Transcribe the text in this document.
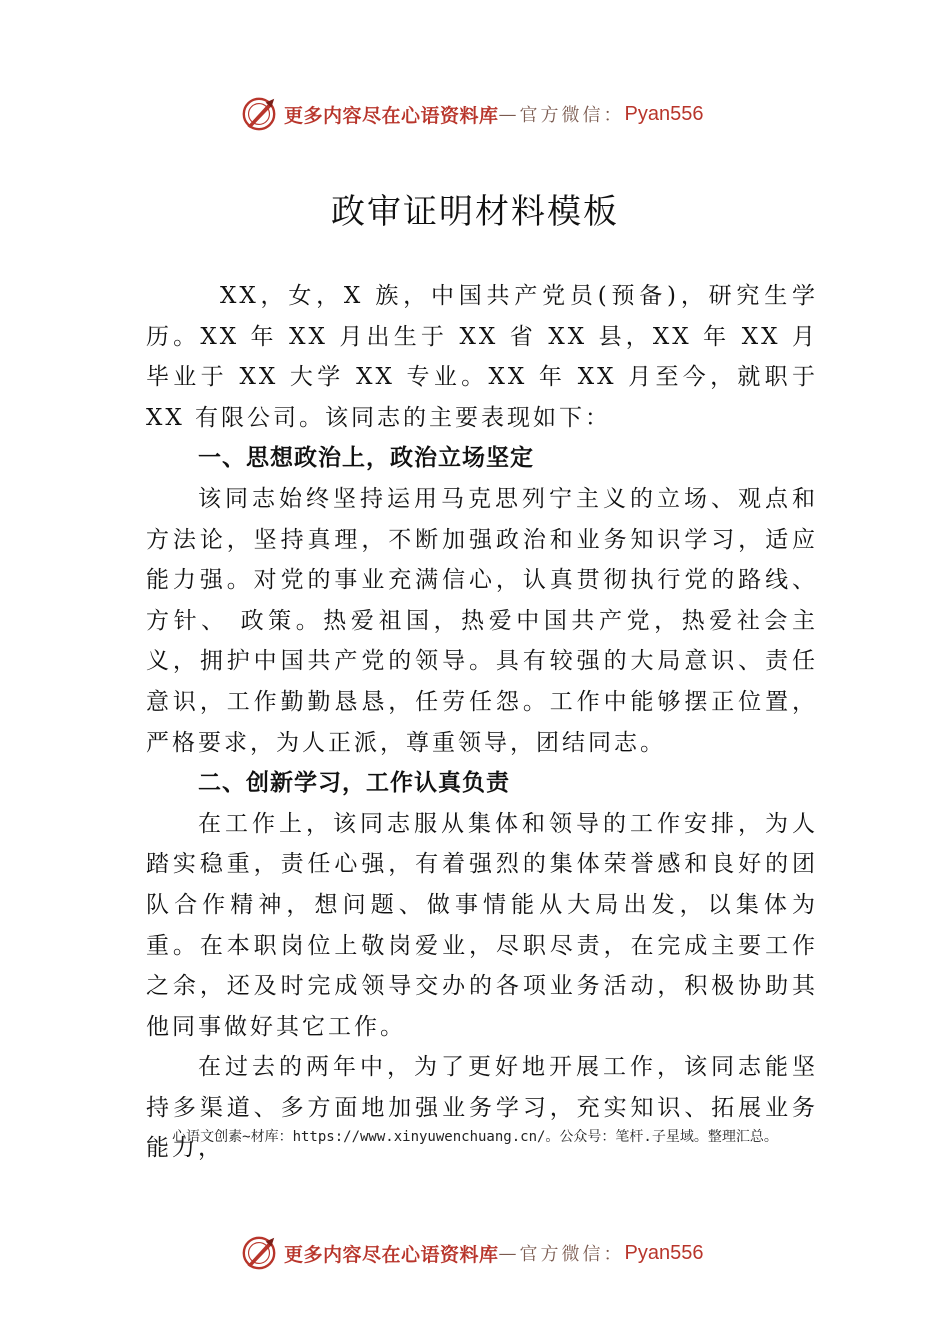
更多内容尽在心语资料库 — 官方微信： Pyan556
政审证明材料模板

XX，女，X 族，中国共产党员(预备)，研究生学历。XX 年 XX 月出生于 XX 省 XX 县，XX 年 XX 月毕业于 XX 大学 XX 专业。XX 年 XX 月至今，就职于 XX 有限公司。该同志的主要表现如下：

一、思想政治上，政治立场坚定

该同志始终坚持运用马克思列宁主义的立场、观点和方法论，坚持真理，不断加强政治和业务知识学习，适应能力强。对党的事业充满信心，认真贯彻执行党的路线、方针、 政策。热爱祖国，热爱中国共产党，热爱社会主义，拥护中国共产党的领导。具有较强的大局意识、责任意识，工作勤勤恳恳，任劳任怨。工作中能够摆正位置，严格要求，为人正派，尊重领导，团结同志。

二、创新学习，工作认真负责

在工作上，该同志服从集体和领导的工作安排，为人踏实稳重，责任心强，有着强烈的集体荣誉感和良好的团队合作精神，想问题、做事情能从大局出发，以集体为重。在本职岗位上敬岗爱业，尽职尽责，在完成主要工作之余，还及时完成领导交办的各项业务活动，积极协助其他同事做好其它工作。

在过去的两年中，为了更好地开展工作，该同志能坚持多渠道、多方面地加强业务学习，充实知识、拓展业务能力，

心语文创素~材库：https://www.xinyuwenchuang.cn/。公众号：笔杆.子星域。整理汇总。
更多内容尽在心语资料库 — 官方微信： Pyan556
